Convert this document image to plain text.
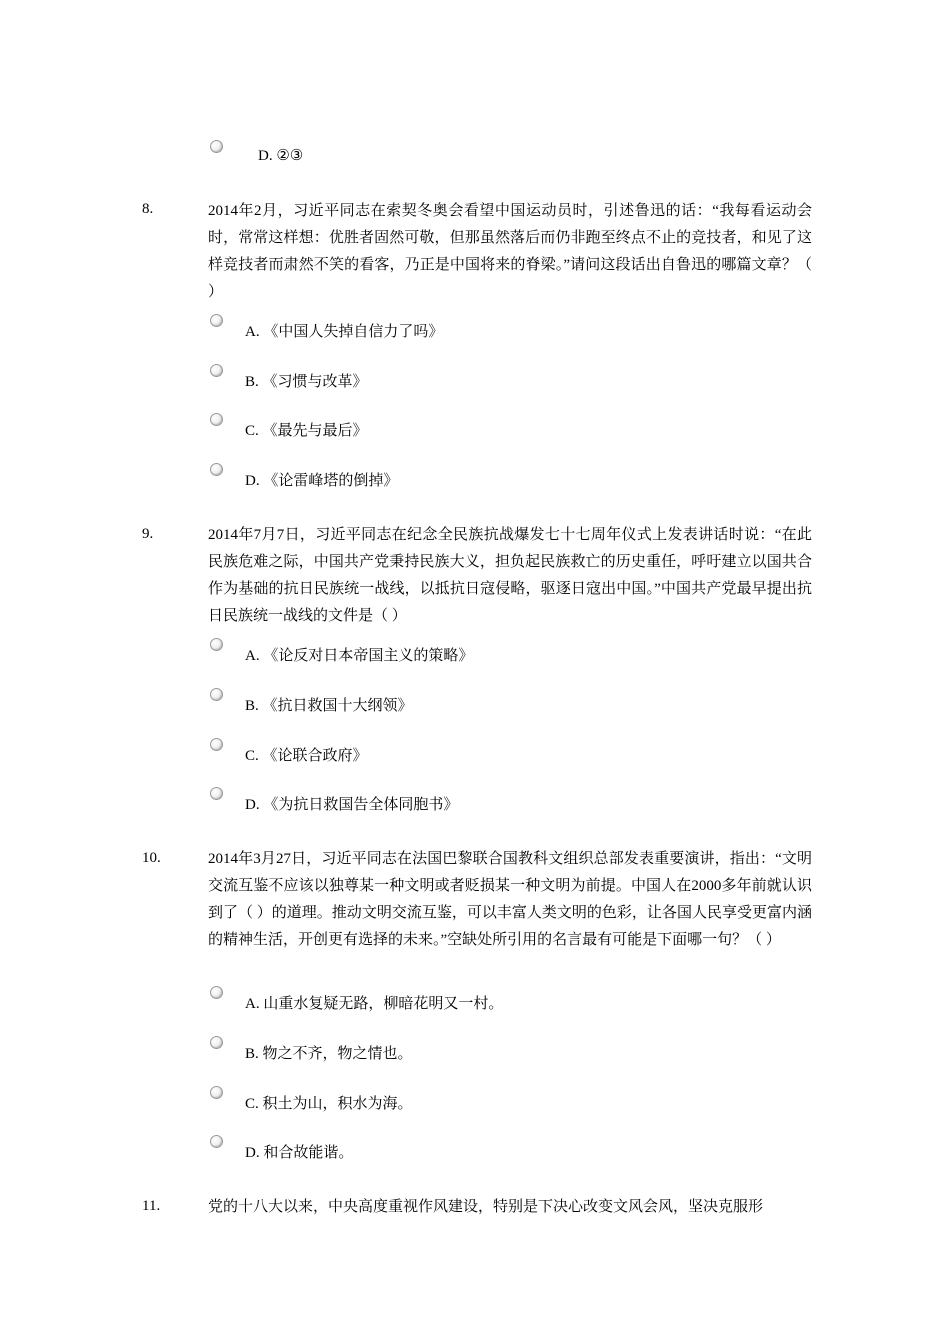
D. ②③
8.	2014年2月，习近平同志在索契冬奥会看望中国运动员时，引述鲁迅的话：“我每看运动会时，常常这样想：优胜者固然可敬，但那虽然落后而仍非跑至终点不止的竞技者，和见了这样竞技者而肃然不笑的看客，乃正是中国将来的脊梁。”请问这段话出自鲁迅的哪篇文章？（ ）
A. 《中国人失掉自信力了吗》
B. 《习惯与改革》
C. 《最先与最后》
D. 《论雷峰塔的倒掉》
9.	2014年7月7日，习近平同志在纪念全民族抗战爆发七十七周年仪式上发表讲话时说：“在此民族危难之际，中国共产党秉持民族大义，担负起民族救亡的历史重任，呼吁建立以国共合作为基础的抗日民族统一战线，以抵抗日寇侵略，驱逐日寇出中国。”中国共产党最早提出抗日民族统一战线的文件是（ ）
A. 《论反对日本帝国主义的策略》
B. 《抗日救国十大纲领》
C. 《论联合政府》
D. 《为抗日救国告全体同胞书》
10.	2014年3月27日，习近平同志在法国巴黎联合国教科文组织总部发表重要演讲，指出：“文明交流互鉴不应该以独尊某一种文明或者贬损某一种文明为前提。中国人在2000多年前就认识到了（ ）的道理。推动文明交流互鉴，可以丰富人类文明的色彩，让各国人民享受更富内涵的精神生活，开创更有选择的未来。”空缺处所引用的名言最有可能是下面哪一句？（ ）
A. 山重水复疑无路，柳暗花明又一村。
B. 物之不齐，物之情也。
C. 积土为山，积水为海。
D. 和合故能谐。
11.	党的十八大以来，中央高度重视作风建设，特别是下决心改变文风会风，坚决克服形
